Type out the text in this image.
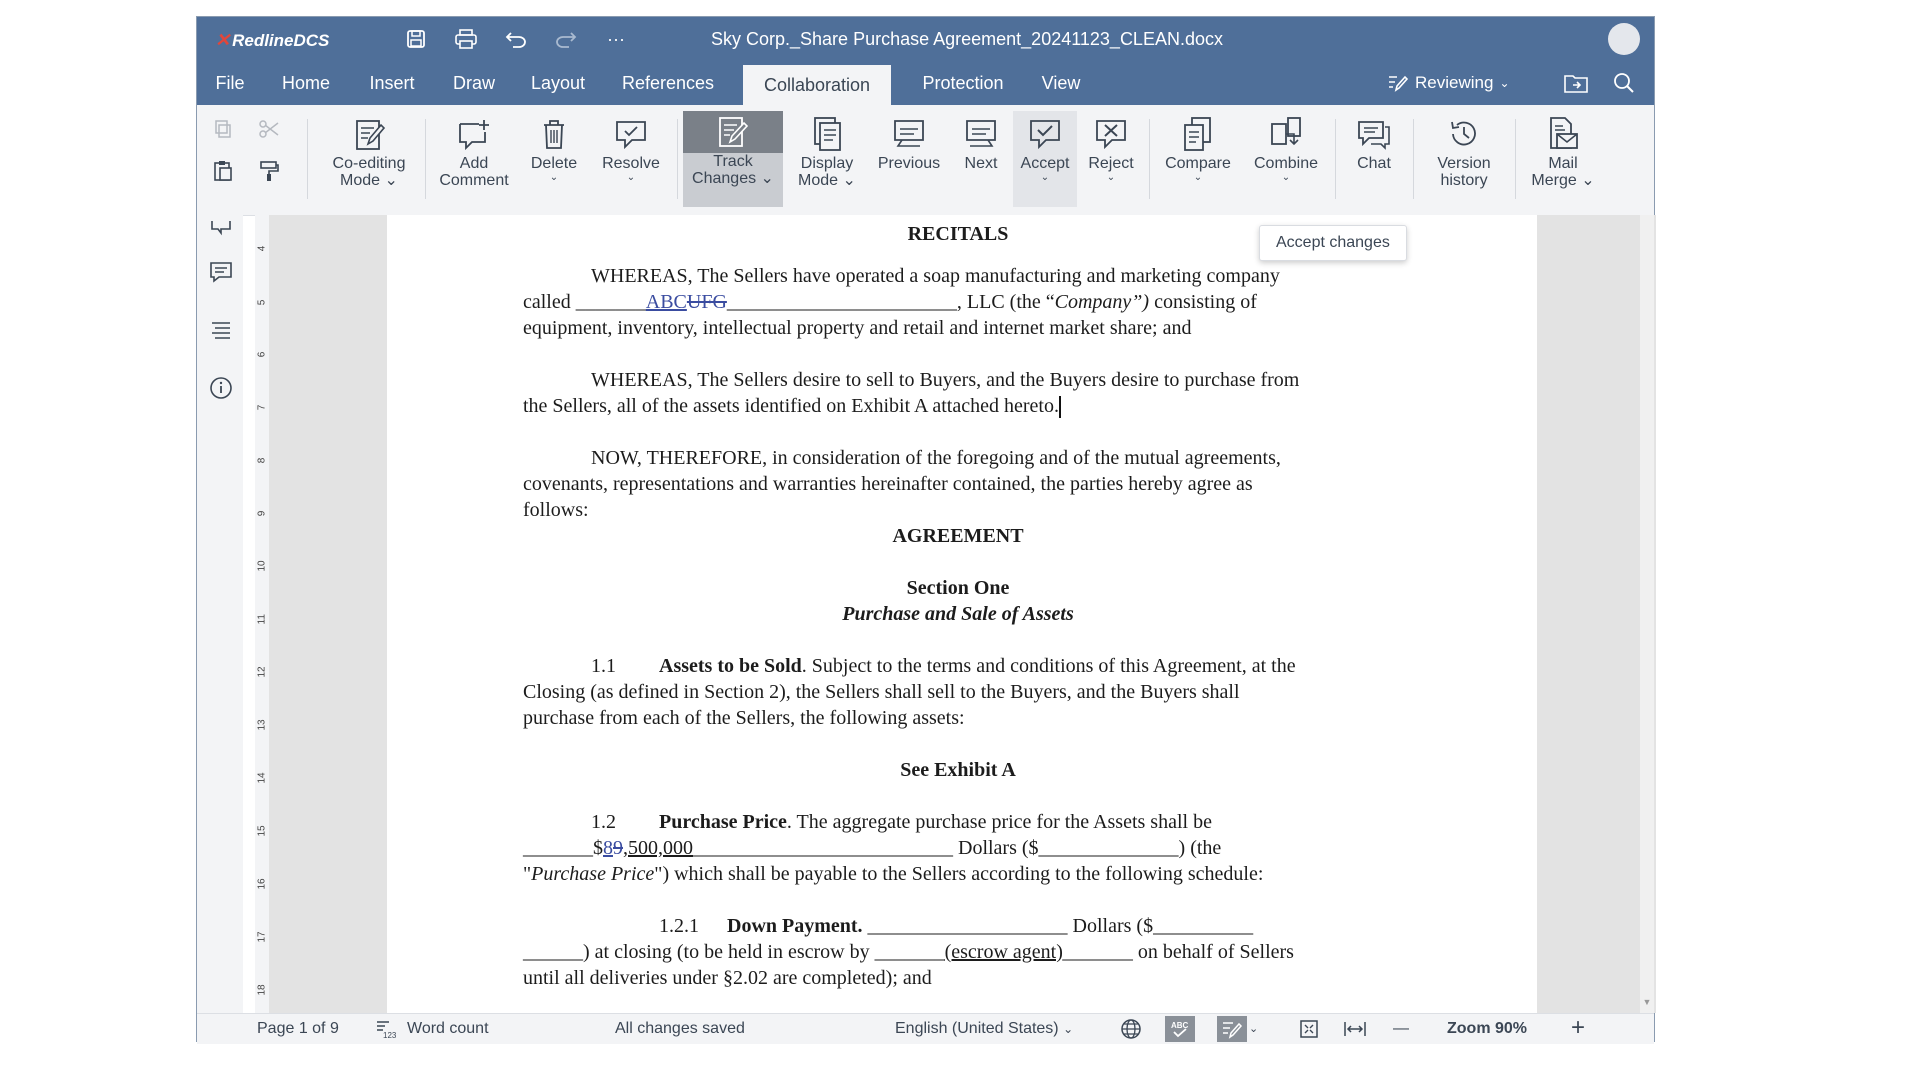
✕ RedlineDCS	···	Sky Corp._Share Purchase Agreement_20241123_CLEAN.docx
File	Home	Insert	Draw	Layout	References	Collaboration	Protection	View	Reviewing ⌄
Co-editing
Mode ⌄
Add
Comment
Delete
⌄
Resolve
⌄
Track
Changes ⌄
Display
Mode ⌄
Previous Next Accept
⌄
Reject
⌄
Compare
⌄
Combine
⌄
Chat	Version
history
Mail
Merge ⌄
4
5
6
7
8
9
10
11
12
13
14
15
16
17
18
RECITALS
WHEREAS, The Sellers have operated a soap manufacturing and marketing company
called _______ABCUFG_______________________, LLC (the “Company”) consisting of
equipment, inventory, intellectual property and retail and internet market share; and
WHEREAS, The Sellers desire to sell to Buyers, and the Buyers desire to purchase from
the Sellers, all of the assets identified on Exhibit A attached hereto.
NOW, THEREFORE, in consideration of the foregoing and of the mutual agreements,
covenants, representations and warranties hereinafter contained, the parties hereby agree as
follows:
AGREEMENT
Section One
Purchase and Sale of Assets
1.1 Assets to be Sold. Subject to the terms and conditions of this Agreement, at the
Closing (as defined in Section 2), the Sellers shall sell to the Buyers, and the Buyers shall
purchase from each of the Sellers, the following assets:
See Exhibit A
1.2 Purchase Price. The aggregate purchase price for the Assets shall be
_______$89,500,000__________________________ Dollars ($______________) (the
"Purchase Price") which shall be payable to the Sellers according to the following schedule:
1.2.1 Down Payment. ____________________ Dollars ($__________
______) at closing (to be held in escrow by _______(escrow agent)_______ on behalf of Sellers
until all deliveries under §2.02 are completed); and
▼
Accept changes
Page 1 of 9	123 Word count	All changes saved	English (United States) ⌄	ABC	⌄	— Zoom 90% +
